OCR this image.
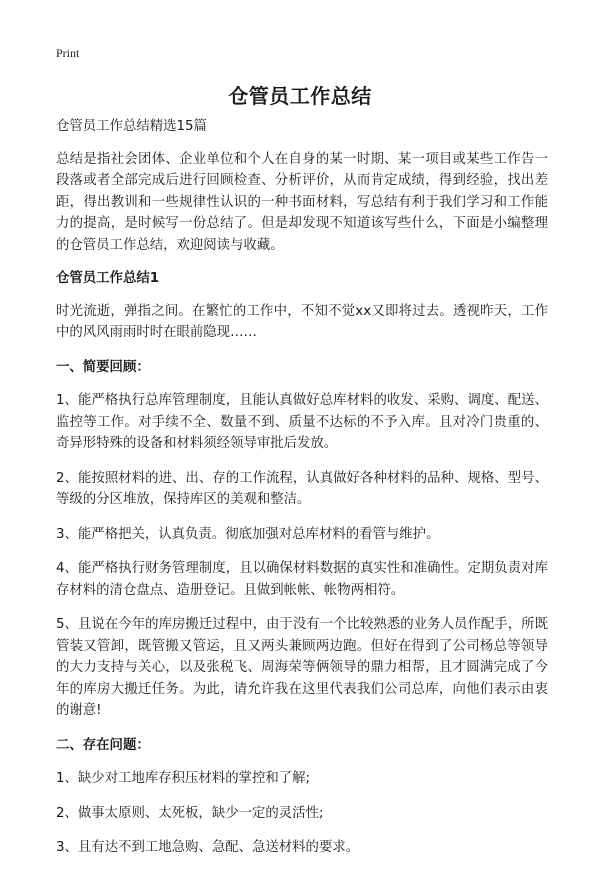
Print
仓管员工作总结

仓管员工作总结精选15篇

总结是指社会团体、企业单位和个人在自身的某一时期、某一项目或某些工作告一段落或者全部完成后进行回顾检查、分析评价，从而肯定成绩，得到经验，找出差距，得出教训和一些规律性认识的一种书面材料，写总结有利于我们学习和工作能力的提高，是时候写一份总结了。但是却发现不知道该写些什么，下面是小编整理的仓管员工作总结，欢迎阅读与收藏。

仓管员工作总结1

时光流逝，弹指之间。在繁忙的工作中，不知不觉xx又即将过去。透视昨天，工作中的风风雨雨时时在眼前隐现……

一、简要回顾：

1、能严格执行总库管理制度，且能认真做好总库材料的收发、采购、调度、配送、监控等工作。对手续不全、数量不到、质量不达标的不予入库。且对冷门贵重的、奇异形特殊的设备和材料须经领导审批后发放。

2、能按照材料的进、出、存的工作流程，认真做好各种材料的品种、规格、型号、等级的分区堆放，保持库区的美观和整洁。

3、能严格把关，认真负责。彻底加强对总库材料的看管与维护。

4、能严格执行财务管理制度，且以确保材料数据的真实性和准确性。定期负责对库存材料的清仓盘点、造册登记。且做到帐帐、帐物两相符。

5、且说在今年的库房搬迁过程中，由于没有一个比较熟悉的业务人员作配手，所既管装又管卸，既管搬又管运，且又两头兼顾两边跑。但好在得到了公司杨总等领导的大力支持与关心，以及张税飞、周海荣等俩领导的鼎力相帮，且才圆满完成了今年的库房大搬迁任务。为此，请允许我在这里代表我们公司总库，向他们表示由衷的谢意!

二、存在问题：

1、缺少对工地库存积压材料的掌控和了解;

2、做事太原则、太死板，缺少一定的灵活性;

3、且有达不到工地急购、急配、急送材料的要求。
